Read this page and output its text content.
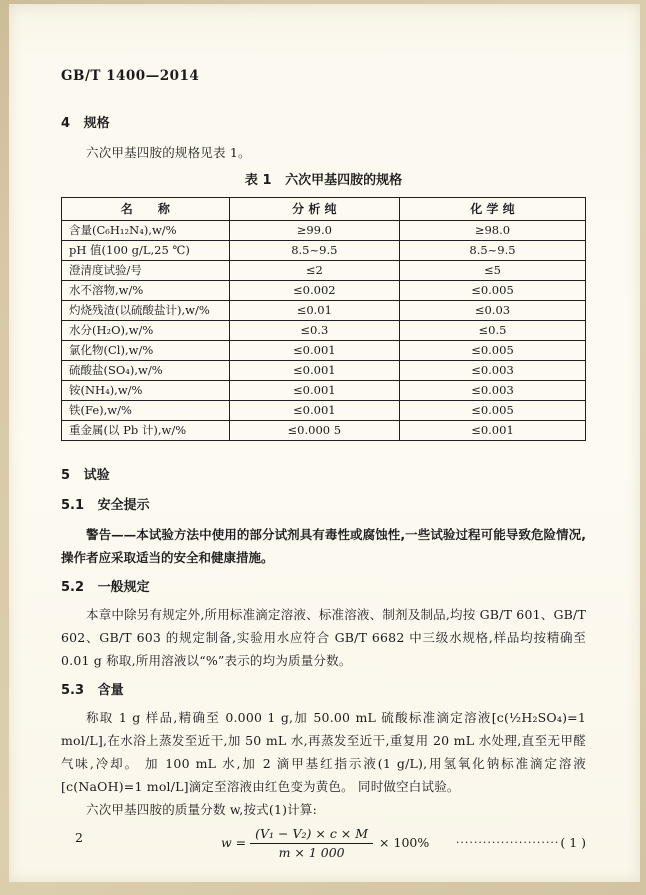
GB/T 1400—2014
4   规格

六次甲基四胺的规格见表 1。

表 1   六次甲基四胺的规格
名      称	分 析 纯	化 学 纯
含量(C₆H₁₂N₄),w/%	≥99.0	≥98.0
pH 值(100 g/L,25 ℃)	8.5~9.5	8.5~9.5
澄清度试验/号	≤2	≤5
水不溶物,w/%	≤0.002	≤0.005
灼烧残渣(以硫酸盐计),w/%	≤0.01	≤0.03
水分(H₂O),w/%	≤0.3	≤0.5
氯化物(Cl),w/%	≤0.001	≤0.005
硫酸盐(SO₄),w/%	≤0.001	≤0.003
铵(NH₄),w/%	≤0.001	≤0.003
铁(Fe),w/%	≤0.001	≤0.005
重金属(以 Pb 计),w/%	≤0.000 5	≤0.001
5   试验
5.1   安全提示

警告——本试验方法中使用的部分试剂具有毒性或腐蚀性,一些试验过程可能导致危险情况,操作者应采取适当的安全和健康措施。

5.2   一般规定

本章中除另有规定外,所用标准滴定溶液、标准溶液、制剂及制品,均按 GB/T 601、GB/T 602、GB/T 603 的规定制备,实验用水应符合 GB/T 6682 中三级水规格,样品均按精确至 0.01 g 称取,所用溶液以“%”表示的均为质量分数。

5.3   含量

称取 1 g 样品,精确至 0.000 1 g,加 50.00 mL 硫酸标准滴定溶液[c(½H₂SO₄)=1 mol/L],在水浴上蒸发至近干,加 50 mL 水,再蒸发至近干,重复用 20 mL 水处理,直至无甲醛气味,冷却。 加 100 mL 水,加 2 滴甲基红指示液(1 g/L),用氢氧化钠标准滴定溶液[c(NaOH)=1 mol/L]滴定至溶液由红色变为黄色。 同时做空白试验。

六次甲基四胺的质量分数 w,按式(1)计算:

$w = \frac{\text{(V₁ − V₂) × c × M}}{m \times 1 000} \times 100\%$ ······················· ( 1 )
2
